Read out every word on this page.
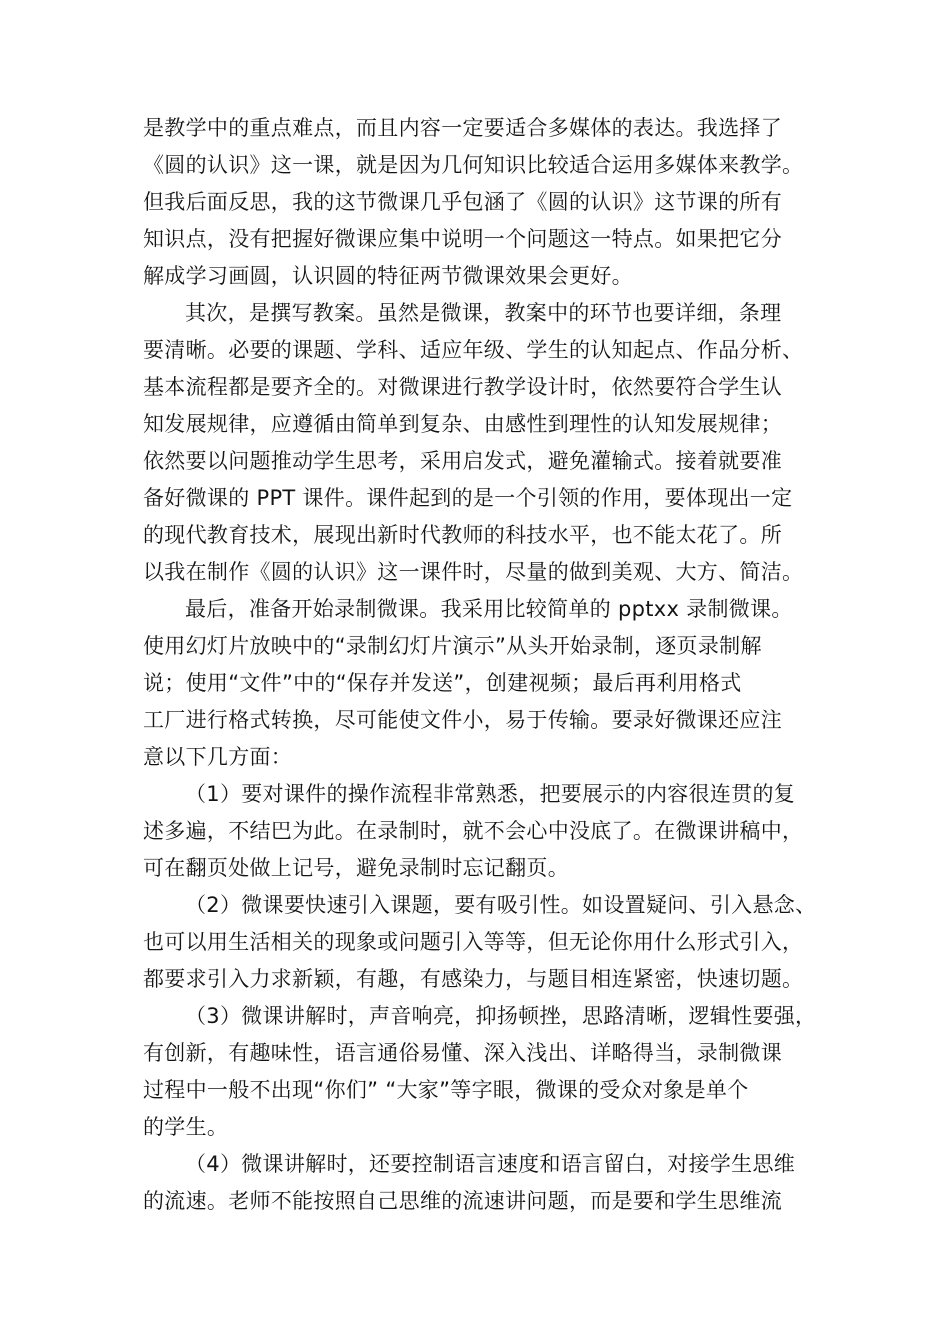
是教学中的重点难点，而且内容一定要适合多媒体的表达。我选择了
《圆的认识》这一课，就是因为几何知识比较适合运用多媒体来教学。
但我后面反思，我的这节微课几乎包涵了《圆的认识》这节课的所有
知识点，没有把握好微课应集中说明一个问题这一特点。如果把它分
解成学习画圆，认识圆的特征两节微课效果会更好。
其次，是撰写教案。虽然是微课，教案中的环节也要详细，条理
要清晰。必要的课题、学科、适应年级、学生的认知起点、作品分析、
基本流程都是要齐全的。对微课进行教学设计时，依然要符合学生认
知发展规律，应遵循由简单到复杂、由感性到理性的认知发展规律；
依然要以问题推动学生思考，采用启发式，避免灌输式。接着就要准
备好微课的 PPT 课件。课件起到的是一个引领的作用，要体现出一定
的现代教育技术，展现出新时代教师的科技水平，也不能太花了。所
以我在制作《圆的认识》这一课件时，尽量的做到美观、大方、简洁。
最后，准备开始录制微课。我采用比较简单的 pptxx 录制微课。
使用幻灯片放映中的“录制幻灯片演示”从头开始录制，逐页录制解
说；使用“文件”中的“保存并发送”，创建视频；最后再利用格式
工厂进行格式转换，尽可能使文件小，易于传输。要录好微课还应注
意以下几方面：
（1）要对课件的操作流程非常熟悉，把要展示的内容很连贯的复
述多遍，不结巴为此。在录制时，就不会心中没底了。在微课讲稿中，
可在翻页处做上记号，避免录制时忘记翻页。
（2）微课要快速引入课题，要有吸引性。如设置疑问、引入悬念、
也可以用生活相关的现象或问题引入等等，但无论你用什么形式引入，
都要求引入力求新颖，有趣，有感染力，与题目相连紧密，快速切题。
（3）微课讲解时，声音响亮，抑扬顿挫，思路清晰，逻辑性要强，
有创新，有趣味性，语言通俗易懂、深入浅出、详略得当，录制微课
过程中一般不出现“你们” “大家”等字眼，微课的受众对象是单个
的学生。
（4）微课讲解时，还要控制语言速度和语言留白，对接学生思维
的流速。老师不能按照自己思维的流速讲问题，而是要和学生思维流
